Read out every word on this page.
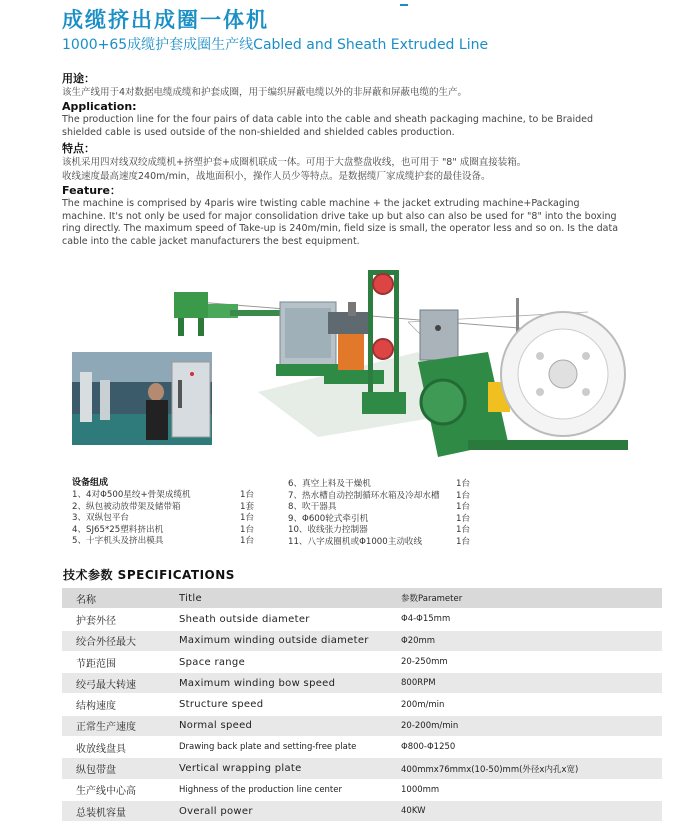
成缆挤出成圈一体机
1000+65成缆护套成圈生产线Cabled and Sheath Extruded Line
用途：
该生产线用于4对数据电缆成缆和护套成圈，用于编织屏蔽电缆以外的非屏蔽和屏蔽电缆的生产。
Application:
The production line for the four pairs of data cable into the cable and sheath packaging machine, to be Braided shielded cable is used outside of the non-shielded and shielded cables production.
特点：
该机采用四对线双绞成缆机+挤塑护套+成圈机联成一体。可用于大盘整盘收线，也可用于 "8" 成圈直接装箱。
收线速度最高速度240m/min，战地面积小，操作人员少等特点。是数据缆厂家成缆护套的最佳设备。
Feature：
The machine is comprised by 4paris wire twisting cable machine + the jacket extruding machine+Packaging machine. It's not only be used for major consolidation drive take up but also can also be used for "8" into the boxing ring directly. The maximum speed of Take-up is 240m/min, field size is small, the operator less and so on. Is the data cable into the cable jacket manufacturers the best equipment.
设备组成
1、4对Φ500星绞+骨架成缆机	1台
2、纵包被动放带架及储带箱	1套
3、双纵包平台	1台
4、SJ65*25塑料挤出机	1台
5、十字机头及挤出模具	1台
6、真空上料及干燥机	1台
7、热水槽自动控制循环水箱及冷却水槽 1台
8、吹干器具	1台
9、Φ600轮式牵引机	1台
10、收线张力控制器	1台
11、八字成圈机或Φ1000主动收线	1台
技术参数 SPECIFICATIONS
名称	Title	参数Parameter
护套外径	Sheath outside diameter	Φ4-Φ15mm
绞合外径最大	Maximum winding outside diameter	Φ20mm
节距范围	Space range	20-250mm
绞弓最大转速	Maximum winding bow speed	800RPM
结构速度	Structure speed	200m/min
正常生产速度	Normal speed	20-200m/min
收放线盘具	Drawing back plate and setting-free plate	Φ800-Φ1250
纵包带盘	Vertical wrapping plate	400mmx76mmx(10-50)mm(外径x内孔x宽)
生产线中心高	Highness of the production line center	1000mm
总装机容量	Overall power	40KW
